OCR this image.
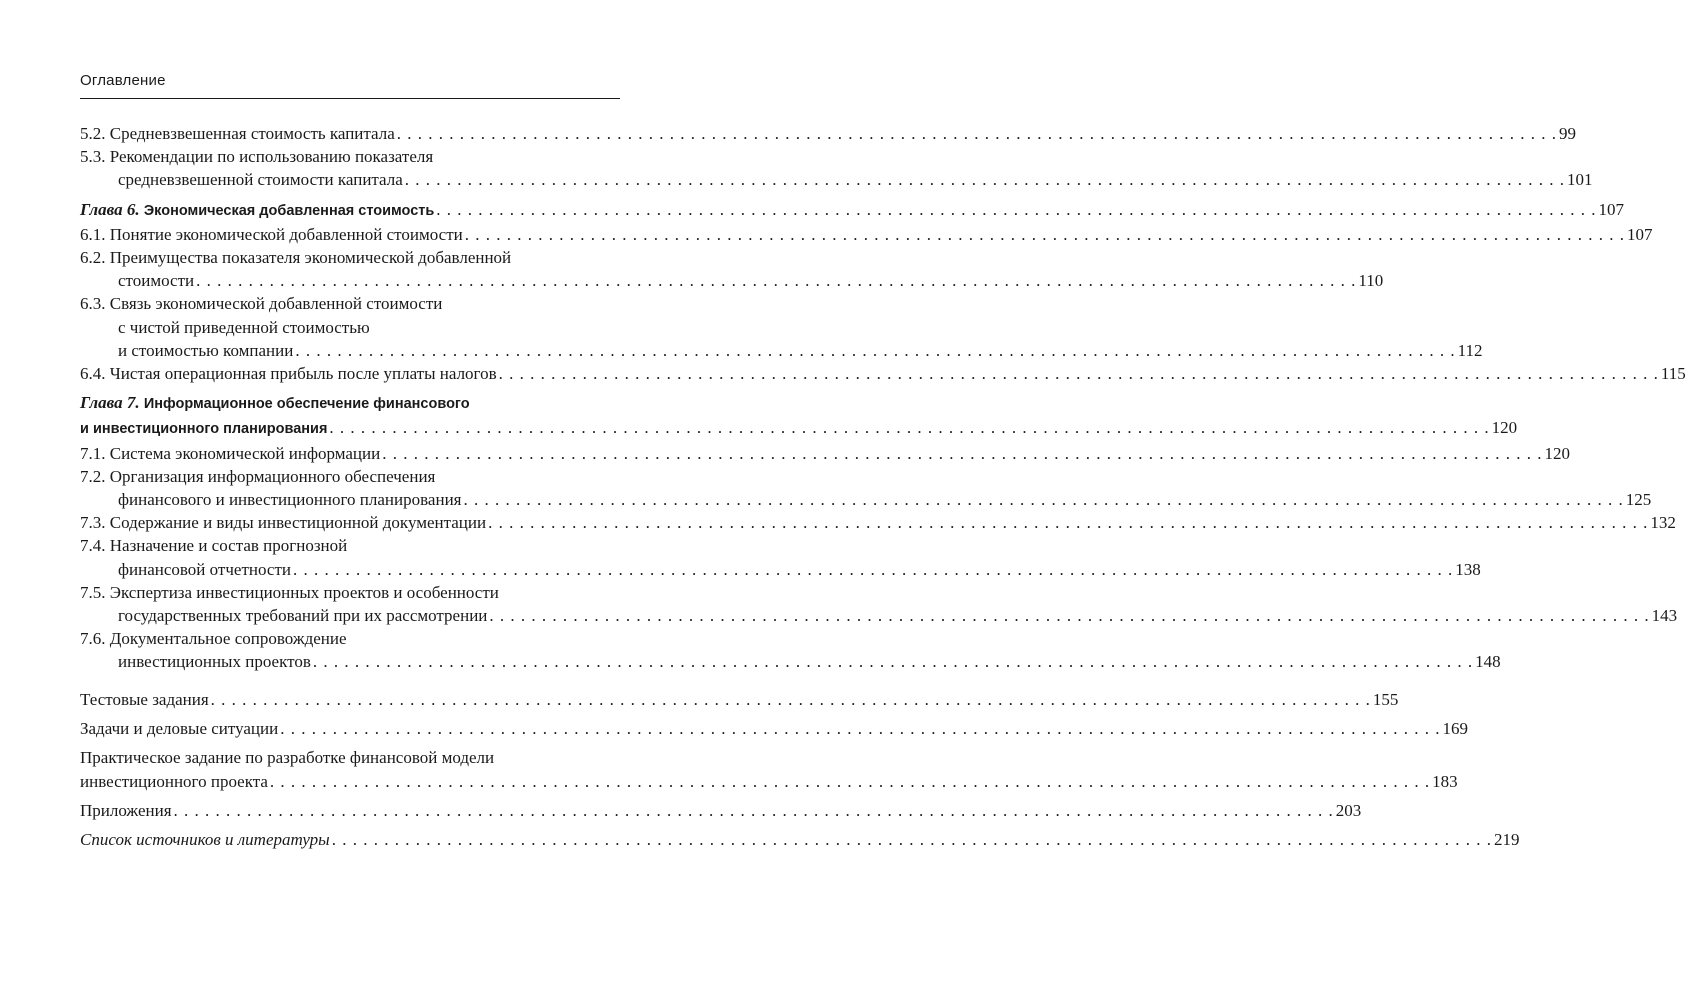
Оглавление
5.2. Средневзвешенная стоимость капитала . . .	99
5.3. Рекомендации по использованию показателя
средневзвешенной стоимости капитала . . .	101
Глава 6. Экономическая добавленная стоимость . . .	107
6.1. Понятие экономической добавленной стоимости . . .	107
6.2. Преимущества показателя экономической добавленной
стоимости . . .	110
6.3. Связь экономической добавленной стоимости
с чистой приведенной стоимостью
и стоимостью компании . . .	112
6.4. Чистая операционная прибыль после уплаты налогов . . .	115
Глава 7. Информационное обеспечение финансового
и инвестиционного планирования . . .	120
7.1. Система экономической информации . . .	120
7.2. Организация информационного обеспечения
финансового и инвестиционного планирования . . .	125
7.3. Содержание и виды инвестиционной документации . . .	132
7.4. Назначение и состав прогнозной
финансовой отчетности . . .	138
7.5. Экспертиза инвестиционных проектов и особенности
государственных требований при их рассмотрении . . .	143
7.6. Документальное сопровождение
инвестиционных проектов . . .	148
Тестовые задания . . .	155
Задачи и деловые ситуации . . .	169
Практическое задание по разработке финансовой модели
инвестиционного проекта . . .	183
Приложения . . .	203
Список источников и литературы . . .	219
